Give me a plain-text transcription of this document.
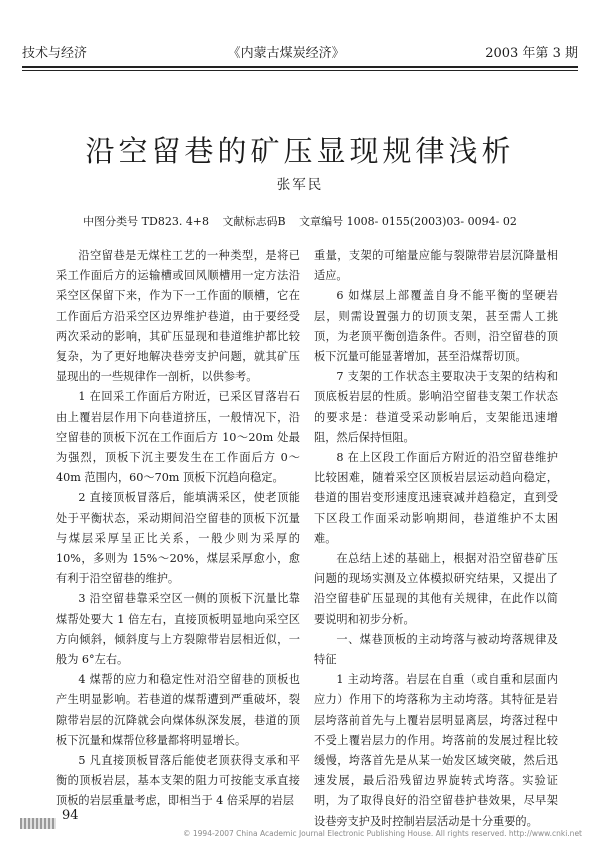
技术与经济	《内蒙古煤炭经济》	2003 年第 3 期
沿空留巷的矿压显现规律浅析
张军民
中图分类号 TD823. 4+8 文献标志码B 文章编号 1008- 0155(2003)03- 0094- 02

沿空留巷是无煤柱工艺的一种类型，是将已采工作面后方的运输槽或回风顺槽用一定方法沿采空区保留下来，作为下一工作面的顺槽，它在工作面后方沿采空区边界维护巷道，由于要经受两次采动的影响，其矿压显现和巷道维护都比较复杂，为了更好地解决巷旁支护问题，就其矿压显现出的一些规律作一剖析，以供参考。

1 在回采工作面后方附近，已采区冒落岩石由上覆岩层作用下向巷道挤压，一般情况下，沿空留巷的顶板下沉在工作面后方 10～20m 处最为强烈，顶板下沉主要发生在工作面后方 0～40m 范围内，60～70m 顶板下沉趋向稳定。

2 直接顶板冒落后，能填满采区，使老顶能处于平衡状态，采动期间沿空留巷的顶板下沉量与煤层采厚呈正比关系，一般少则为采厚的 10%，多则为 15%～20%，煤层采厚愈小，愈有利于沿空留巷的维护。

3 沿空留巷靠采空区一侧的顶板下沉量比靠煤帮处要大 1 倍左右，直接顶板明显地向采空区方向倾斜，倾斜度与上方裂隙带岩层相近似，一般为 6°左右。

4 煤帮的应力和稳定性对沿空留巷的顶板也产生明显影响。若巷道的煤帮遭到严重破坏，裂隙带岩层的沉降就会向煤体纵深发展，巷道的顶板下沉量和煤帮位移量都将明显增长。

5 凡直接顶板冒落后能使老顶获得支承和平衡的顶板岩层，基本支架的阻力可按能支承直接顶板的岩层重量考虑，即相当于 4 倍采厚的岩层

重量，支架的可缩量应能与裂隙带岩层沉降量相适应。

6 如煤层上部覆盖自身不能平衡的坚硬岩层，则需设置强力的切顶支架，甚至需人工挑顶，为老顶平衡创造条件。否则，沿空留巷的顶板下沉量可能显著增加，甚至沿煤帮切顶。

7 支架的工作状态主要取决于支架的结构和顶底板岩层的性质。影响沿空留巷支架工作状态的要求是：巷道受采动影响后，支架能迅速增阻，然后保持恒阻。

8 在上区段工作面后方附近的沿空留巷维护比较困难，随着采空区顶板岩层运动趋向稳定，巷道的围岩变形速度迅速衰减并趋稳定，直到受下区段工作面采动影响期间，巷道维护不太困难。

在总结上述的基础上，根据对沿空留巷矿压问题的现场实测及立体模拟研究结果，又提出了沿空留巷矿压显现的其他有关规律，在此作以简要说明和初步分析。

一、煤巷顶板的主动垮落与被动垮落规律及特征

1 主动垮落。岩层在自重（或自重和层面内应力）作用下的垮落称为主动垮落。其特征是岩层垮落前首先与上覆岩层明显离层，垮落过程中不受上覆岩层力的作用。垮落前的发展过程比较缓慢，垮落首先是从某一始发区域突破，然后迅速发展，最后沿残留边界旋转式垮落。实验证明，为了取得良好的沿空留巷护巷效果，尽早架设巷旁支护及时控制岩层活动是十分重要的。

94
© 1994-2007 China Academic Journal Electronic Publishing House. All rights reserved. http://www.cnki.net
